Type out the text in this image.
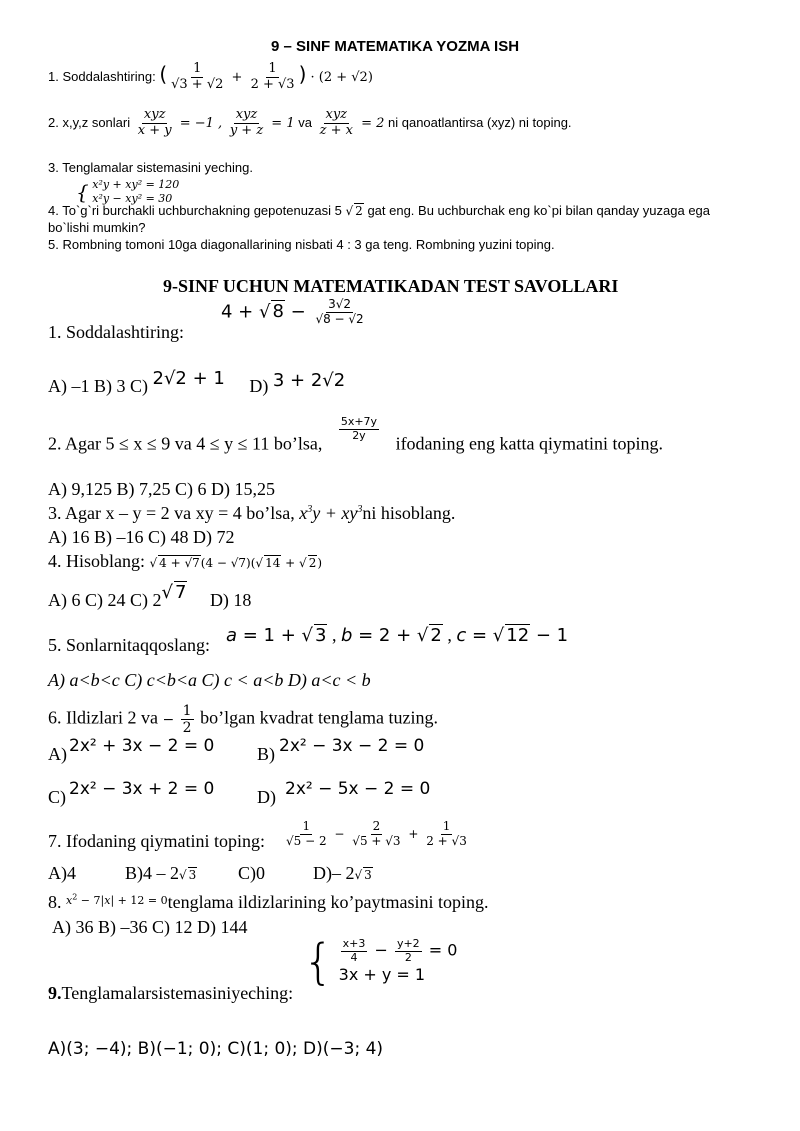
9 – SINF MATEMATIKA YOZMA ISH
1. Soddalashtiring: ( $\frac{1}{√3 + √2} + \frac{1}{2 + √3}$ ) · (2 + √2)
2. x,y,z sonlari $\frac{\text{xyz}}{x + y} = -1$ , $\frac{\text{xyz}}{y + z} = 1$ va $\frac{\text{xyz}}{z + x} = 2$ ni qanoatlantirsa (xyz) ni toping.
3. Tenglamalar sistemasini yeching.
{ x²y + xy² = 120
x²y − xy² = 30
4. To`g`ri burchakli uchburchakning gepotenuzasi 5 √ 2 gat eng. Bu uchburchak eng ko`pi bilan qanday yuzaga ega
bo`lishi mumkin?
5. Rombning tomoni 10ga diagonallarining nisbati 4 : 3 ga teng. Rombning yuzini toping.
9-SINF UCHUN MATEMATIKADAN TEST SAVOLLARI
1. Soddalashtiring:
4 + √ $8 - \frac{3√2}{√8 - √2}$
A) –1 B) 3 C) 2√2 + 1 D) 3 + 2√2
2. Agar 5 ≤ x ≤ 9 va 4 ≤ y ≤ 11 bo’lsa,
$\frac{5x+7y}{2y}$
ifodaning eng katta qiymatini toping.
A) 9,125 B) 7,25 C) 6 D) 15,25
3. Agar x – y = 2 va xy = 4 bo’lsa, $x^3y + xy^3ni$ hisoblang.
A) 16 B) –16 C) 48 D) 72
4. Hisoblang: √ 4 + √7(4 − √7)(√ 14 + √ 2)
A) 6 C) 24 C) 2√ 7 D) 18
5. Sonlarnitaqqoslang: a = 1 + √ 3 , b = 2 + √ 2 , c = √ 12 − 1
A) a<b<c C) c<b<a C) c < a<b D) a<c < b
6. Ildizlari 2 va − $\frac{1}{2}$ bo’lgan kvadrat tenglama tuzing.
A) 2x² + 3x − 2 = 0 B) 2x² − 3x − 2 = 0
C) 2x² − 3x + 2 = 0 D) 2x² − 5x − 2 = 0
7. Ifodaning qiymatini toping: $\frac{1}{√5 - 2} - \frac{2}{√5 + √3} + \frac{1}{2 + √3}$
A)4	B)4 – 2√ 3 C)0	D)– 2√ 3
8. $^{x^2 - 7|x| + 12 = 0}$tenglama ildizlarining ko’paytmasini toping.
A) 36 B) –36 C) 12 D) 144
{ $\frac{x+3}{4} - \frac{y+2}{2} = 0$
3x + y = 1
9.Tenglamalarsistemasiniyeching:
A)(3; −4); B)(−1; 0); C)(1; 0); D)(−3; 4)
